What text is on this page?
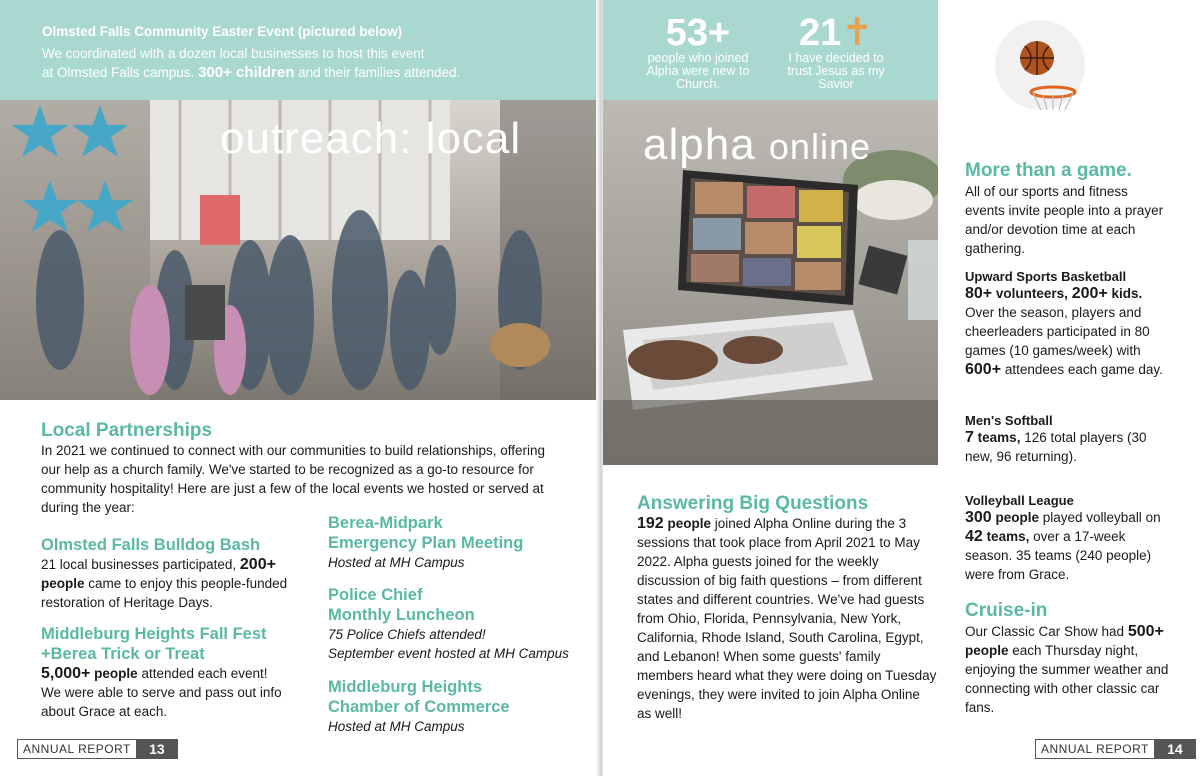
Olmsted Falls Community Easter Event (pictured below)
We coordinated with a dozen local businesses to host this event
at Olmsted Falls campus. 300+ children and their families attended.
outreach: local
Local Partnerships
In 2021 we continued to connect with our communities to build relationships, offering our help as a church family. We've started to be recognized as a go-to resource for community hospitality! Here are just a few of the local events we hosted or served at during the year:
Olmsted Falls Bulldog Bash
21 local businesses participated, 200+ people came to enjoy this people-funded restoration of Heritage Days.
Middleburg Heights Fall Fest
+Berea Trick or Treat
5,000+ people attended each event!
We were able to serve and pass out info about Grace at each.
Berea-Midpark
Emergency Plan Meeting
Hosted at MH Campus
Police Chief
Monthly Luncheon
75 Police Chiefs attended!
September event hosted at MH Campus
Middleburg Heights
Chamber of Commerce
Hosted at MH Campus
ANNUAL REPORT	13
53+
people who joined Alpha were new to Church.
21✝
I have decided to trust Jesus as my Savior
alpha online
Answering Big Questions
192 people joined Alpha Online during the 3 sessions that took place from April 2021 to May 2022. Alpha guests joined for the weekly discussion of big faith questions – from different states and different countries. We've had guests from Ohio, Florida, Pennsylvania, New York, California, Rhode Island, South Carolina, Egypt, and Lebanon! When some guests' family members heard what they were doing on Tuesday evenings, they were invited to join Alpha Online as well!
More than a game.
All of our sports and fitness events invite people into a prayer and/or devotion time at each gathering.
Upward Sports Basketball
80+ volunteers, 200+ kids.
Over the season, players and cheerleaders participated in 80 games (10 games/week) with 600+ attendees each game day.
Men's Softball
7 teams, 126 total players (30 new, 96 returning).
Volleyball League
300 people played volleyball on 42 teams, over a 17-week season. 35 teams (240 people) were from Grace.
Cruise-in
Our Classic Car Show had 500+ people each Thursday night, enjoying the summer weather and connecting with other classic car fans.
ANNUAL REPORT	14
